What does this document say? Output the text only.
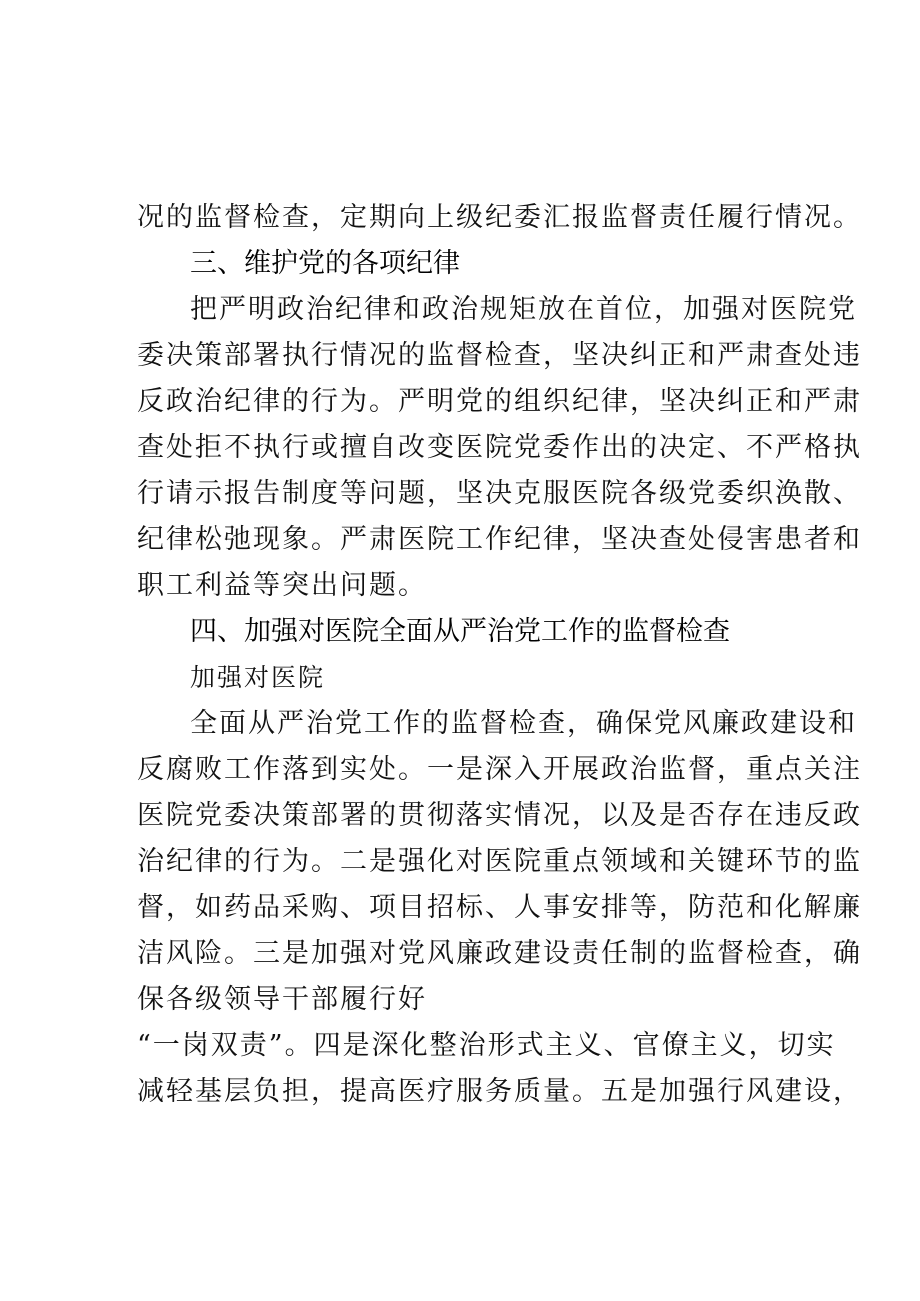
况的监督检查，定期向上级纪委汇报监督责任履行情况。
三、维护党的各项纪律
把严明政治纪律和政治规矩放在首位，加强对医院党
委决策部署执行情况的监督检查，坚决纠正和严肃查处违
反政治纪律的行为。严明党的组织纪律，坚决纠正和严肃
查处拒不执行或擅自改变医院党委作出的决定、不严格执
行请示报告制度等问题，坚决克服医院各级党委织涣散、
纪律松弛现象。严肃医院工作纪律，坚决查处侵害患者和
职工利益等突出问题。
四、加强对医院全面从严治党工作的监督检查
加强对医院
全面从严治党工作的监督检查，确保党风廉政建设和
反腐败工作落到实处。一是深入开展政治监督，重点关注
医院党委决策部署的贯彻落实情况，以及是否存在违反政
治纪律的行为。二是强化对医院重点领域和关键环节的监
督，如药品采购、项目招标、人事安排等，防范和化解廉
洁风险。三是加强对党风廉政建设责任制的监督检查，确
保各级领导干部履行好
“一岗双责”。四是深化整治形式主义、官僚主义，切实
减轻基层负担，提高医疗服务质量。五是加强行风建设，
